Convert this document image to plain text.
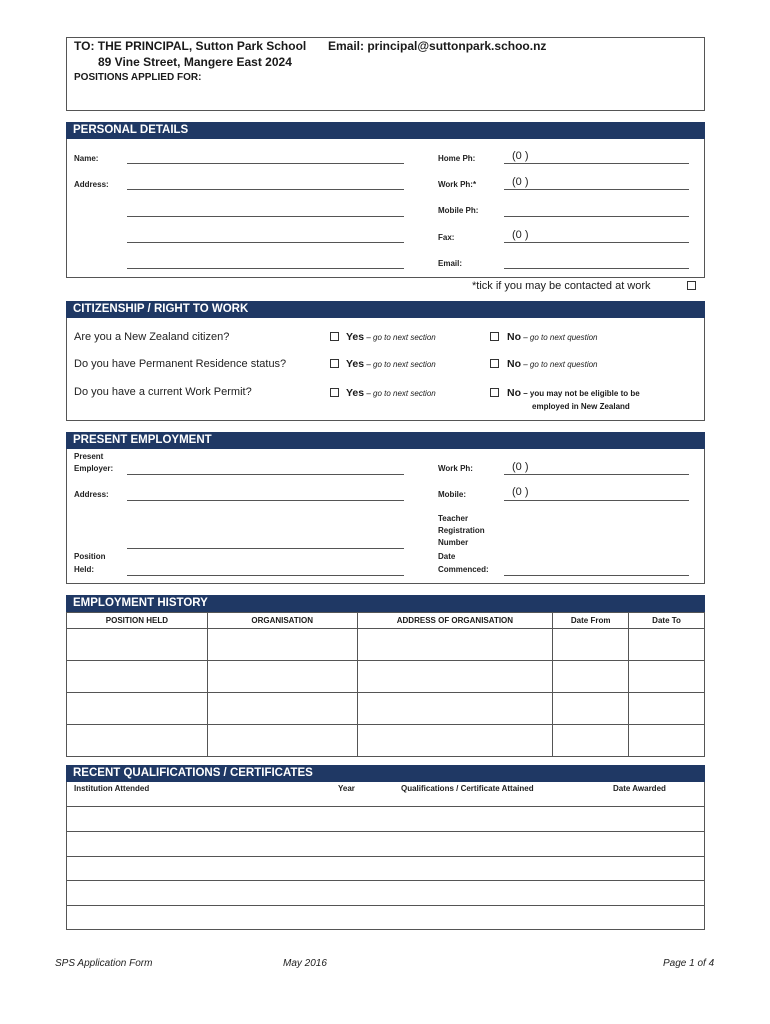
TO: THE PRINCIPAL, Sutton Park School
89 Vine Street, Mangere East 2024
Email: principal@suttonpark.schoo.nz
POSITIONS APPLIED FOR:
PERSONAL DETAILS
Name:
Address:
Home Ph:	(0 )
Work Ph:*	(0 )
Mobile Ph:
Fax:	(0 )
Email:
*tick if you may be contacted at work
CITIZENSHIP / RIGHT TO WORK
Are you a New Zealand citizen?	Yes – go to next section	No – go to next question
Do you have Permanent Residence status?	Yes – go to next section	No – go to next question
Do you have a current Work Permit?	Yes – go to next section	No – you may not be eligible to be
employed in New Zealand
PRESENT EMPLOYMENT
Present
Employer:
Address:
Position
Held:
Work Ph:	(0 )
Mobile:	(0 )
Teacher
Registration
Number
Date
Commenced:
EMPLOYMENT HISTORY
POSITION HELD	ORGANISATION	ADDRESS OF ORGANISATION	Date From	Date To

RECENT QUALIFICATIONS / CERTIFICATES
Institution Attended	Year	Qualifications / Certificate Attained	Date Awarded
SPS Application Form	May 2016	Page 1 of 4
